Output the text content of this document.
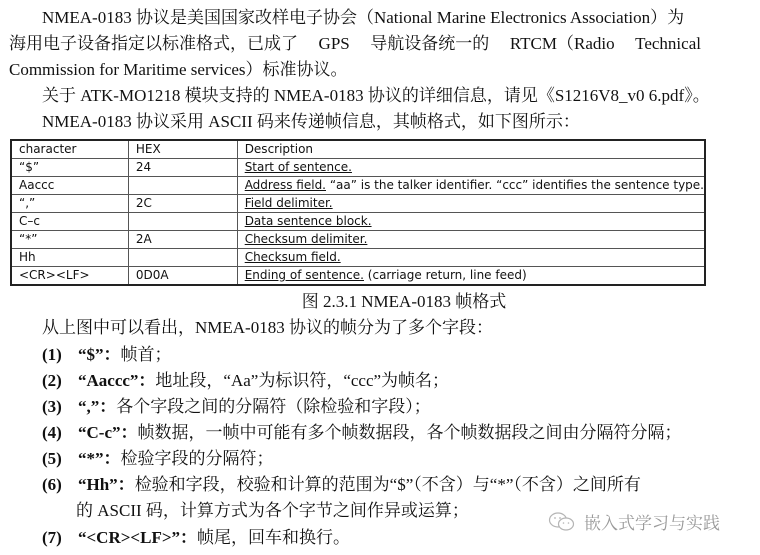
NMEA-0183 协议是美国国家改样电子协会（National Marine Electronics Association）为
海用电子设备指定以标准格式，已成了 GPS 导航设备统一的 RTCM（Radio Technical
Commission for Maritime services）标准协议。
关于 ATK-MO1218 模块支持的 NMEA-0183 协议的详细信息，请见《S1216V8_v0 6.pdf》。
NMEA-0183 协议采用 ASCII 码来传递帧信息，其帧格式，如下图所示：
character	HEX	Description
“$”	24	Start of sentence.
Aaccc		Address field. “aa” is the talker identifier. “ccc” identifies the sentence type.
“,”	2C	Field delimiter.
C–c		Data sentence block.
“*”	2A	Checksum delimiter.
Hh		Checksum field.
<CR><LF>	0D0A	Ending of sentence. (carriage return, line feed)
图 2.3.1 NMEA-0183 帧格式
从上图中可以看出，NMEA-0183 协议的帧分为了多个字段：
(1) “$”：帧首；
(2) “Aaccc”：地址段，“Aa”为标识符，“ccc”为帧名；
(3) “,”：各个字段之间的分隔符（除检验和字段）；
(4) “C-c”：帧数据，一帧中可能有多个帧数据段，各个帧数据段之间由分隔符分隔；
(5) “*”：检验字段的分隔符；
(6) “Hh”：检验和字段，校验和计算的范围为“$”（不含）与“*”（不含）之间所有
的 ASCII 码，计算方式为各个字节之间作异或运算；
(7) “<CR><LF>”：帧尾，回车和换行。
嵌入式学习与实践
